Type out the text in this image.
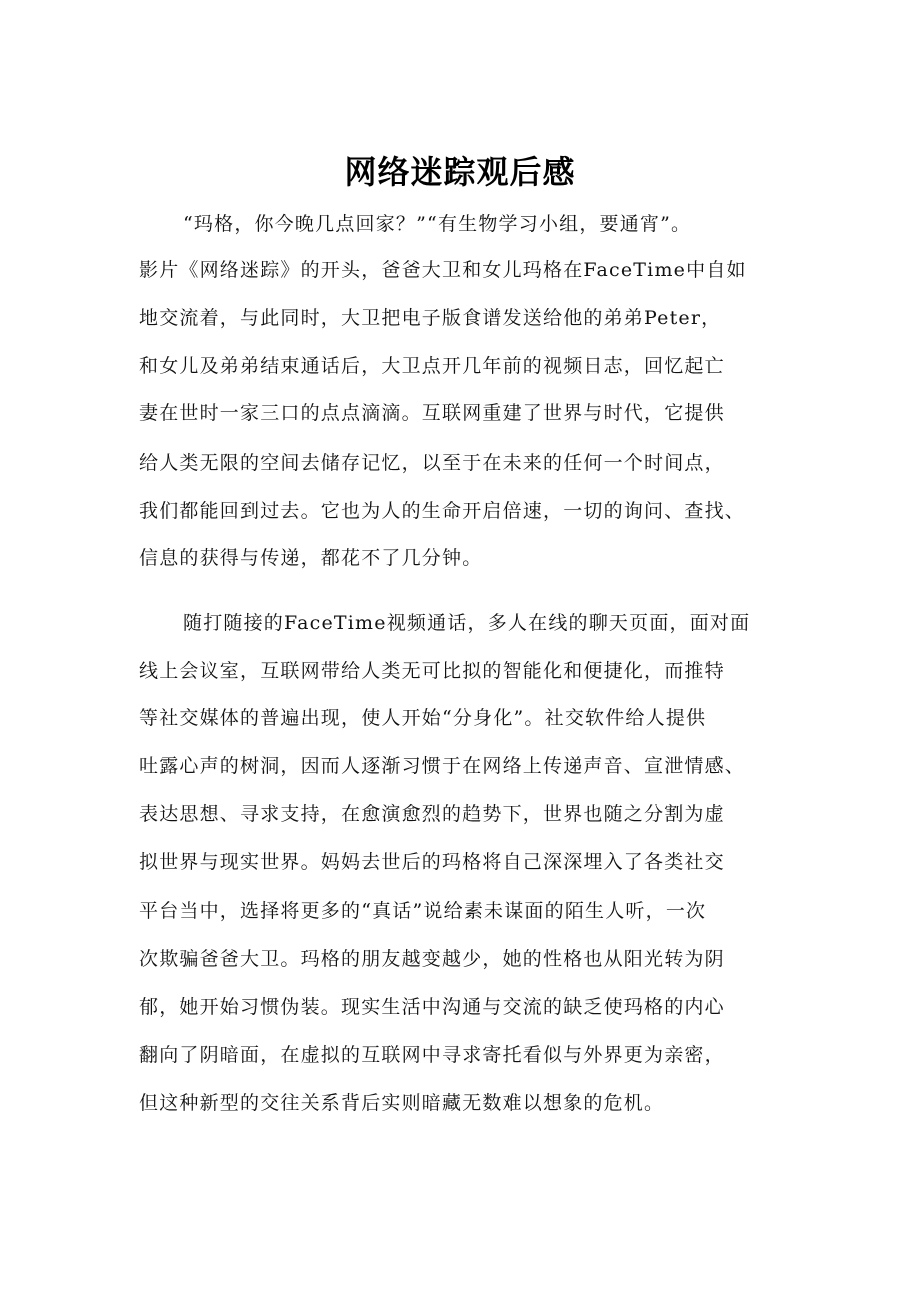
网络迷踪观后感
“玛格，你今晚几点回家？”“有生物学习小组，要通宵”。
影片《网络迷踪》的开头，爸爸大卫和女儿玛格在FaceTime中自如
地交流着，与此同时，大卫把电子版食谱发送给他的弟弟Peter，
和女儿及弟弟结束通话后，大卫点开几年前的视频日志，回忆起亡
妻在世时一家三口的点点滴滴。互联网重建了世界与时代，它提供
给人类无限的空间去储存记忆，以至于在未来的任何一个时间点，
我们都能回到过去。它也为人的生命开启倍速，一切的询问、查找、
信息的获得与传递，都花不了几分钟。
随打随接的FaceTime视频通话，多人在线的聊天页面，面对面
线上会议室，互联网带给人类无可比拟的智能化和便捷化，而推特
等社交媒体的普遍出现，使人开始“分身化”。社交软件给人提供
吐露心声的树洞，因而人逐渐习惯于在网络上传递声音、宣泄情感、
表达思想、寻求支持，在愈演愈烈的趋势下，世界也随之分割为虚
拟世界与现实世界。妈妈去世后的玛格将自己深深埋入了各类社交
平台当中，选择将更多的“真话”说给素未谋面的陌生人听，一次
次欺骗爸爸大卫。玛格的朋友越变越少，她的性格也从阳光转为阴
郁，她开始习惯伪装。现实生活中沟通与交流的缺乏使玛格的内心
翻向了阴暗面，在虚拟的互联网中寻求寄托看似与外界更为亲密，
但这种新型的交往关系背后实则暗藏无数难以想象的危机。
